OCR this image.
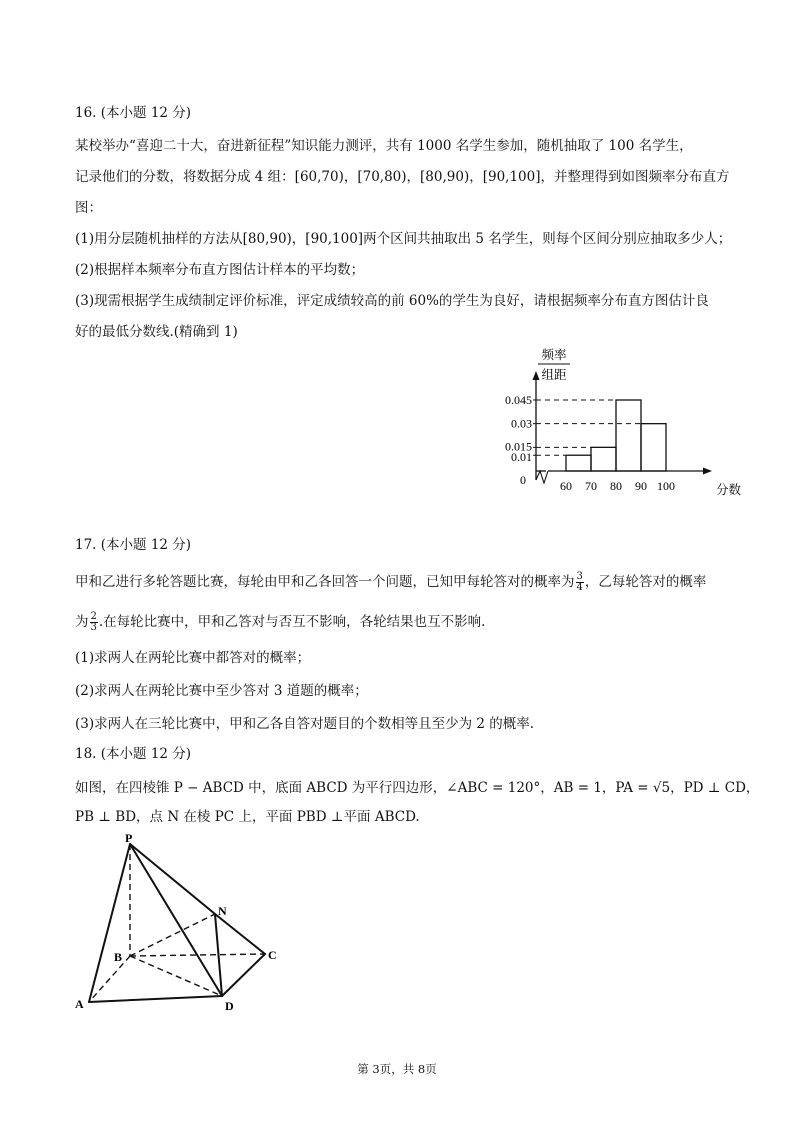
16. (本小题 12 分)
某校举办“喜迎二十大，奋进新征程”知识能力测评，共有 1000 名学生参加，随机抽取了 100 名学生，
记录他们的分数，将数据分成 4 组：[60,70)，[70,80)，[80,90)，[90,100]，并整理得到如图频率分布直方
图：
(1)用分层随机抽样的方法从[80,90)，[90,100]两个区间共抽取出 5 名学生，则每个区间分别应抽取多少人；
(2)根据样本频率分布直方图估计样本的平均数；
(3)现需根据学生成绩制定评价标准，评定成绩较高的前 60%的学生为良好，请根据频率分布直方图估计良
好的最低分数线.(精确到 1)
频率
组距
分数
0
0.045
0.03
0.015
0.01
60 70 80 90 100
17. (本小题 12 分)
甲和乙进行多轮答题比赛，每轮由甲和乙各回答一个问题，已知甲每轮答对的概率为 $\frac{3}{4}$ ，乙每轮答对的概率
为 $\frac{2}{3}$ .在每轮比赛中，甲和乙答对与否互不影响，各轮结果也互不影响.
(1)求两人在两轮比赛中都答对的概率；
(2)求两人在两轮比赛中至少答对 3 道题的概率；
(3)求两人在三轮比赛中，甲和乙各自答对题目的个数相等且至少为 2 的概率.
18. (本小题 12 分)
如图，在四棱锥 P − ABCD 中，底面 ABCD 为平行四边形，∠ABC = 120°，AB = 1，PA = √5，PD ⊥ CD，
PB ⊥ BD，点 N 在棱 PC 上，平面 PBD ⊥平面 ABCD.
P
N
B	C
A	D
第 3页，共 8页
